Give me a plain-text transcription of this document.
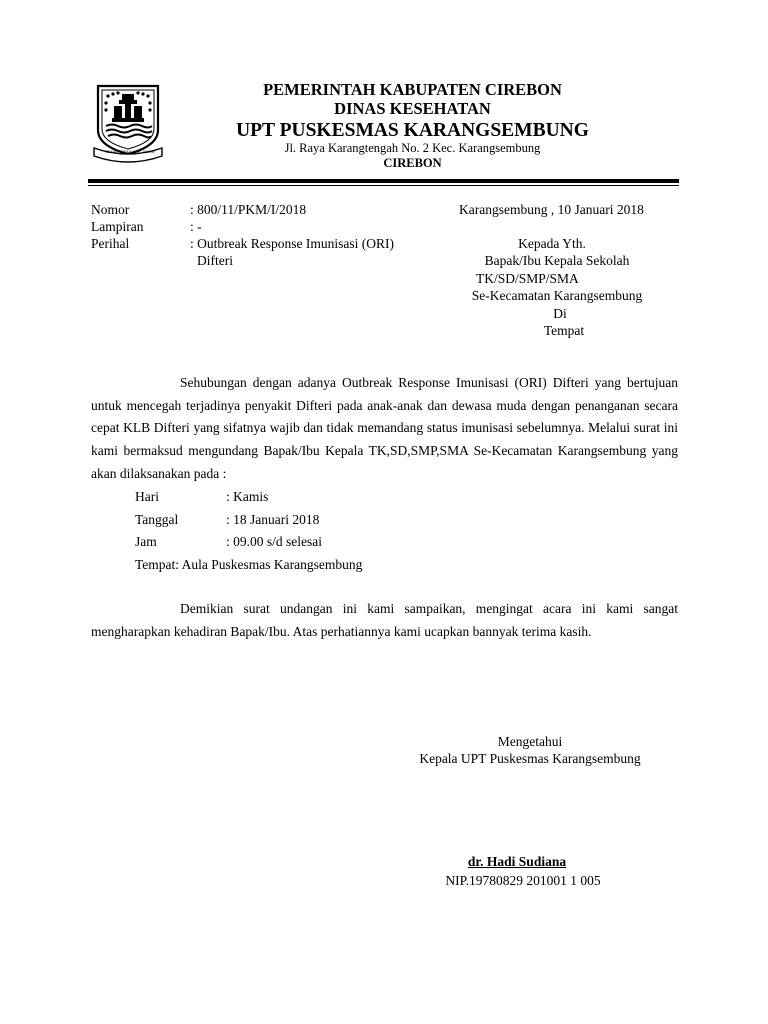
GEMAH RIPAH LOH JINAWI
PEMERINTAH KABUPATEN CIREBON
DINAS KESEHATAN
UPT PUSKESMAS KARANGSEMBUNG
Jl. Raya Karangtengah No. 2 Kec. Karangsembung
CIREBON
Nomor	: 800/11/PKM/I/2018
Lampiran	: -
Perihal	: Outbreak Response Imunisasi (ORI)
Difteri
Karangsembung , 10 Januari 2018
Kepada Yth.
Bapak/Ibu Kepala Sekolah
TK/SD/SMP/SMA
Se-Kecamatan Karangsembung
Di
Tempat
Sehubungan dengan adanya Outbreak Response Imunisasi (ORI) Difteri yang bertujuan untuk mencegah terjadinya penyakit Difteri pada anak-anak dan dewasa muda dengan penanganan secara cepat KLB Difteri yang sifatnya wajib dan tidak memandang status imunisasi sebelumnya. Melalui surat ini kami bermaksud mengundang Bapak/Ibu Kepala TK,SD,SMP,SMA Se-Kecamatan Karangsembung yang akan dilaksanakan pada :
Hari	: Kamis
Tanggal	: 18 Januari 2018
Jam	: 09.00 s/d selesai
Tempat: Aula Puskesmas Karangsembung
Demikian surat undangan ini kami sampaikan, mengingat acara ini kami sangat mengharapkan kehadiran Bapak/Ibu. Atas perhatiannya kami ucapkan bannyak terima kasih.
Mengetahui
Kepala UPT Puskesmas Karangsembung
dr. Hadi Sudiana
NIP.19780829 201001 1 005
